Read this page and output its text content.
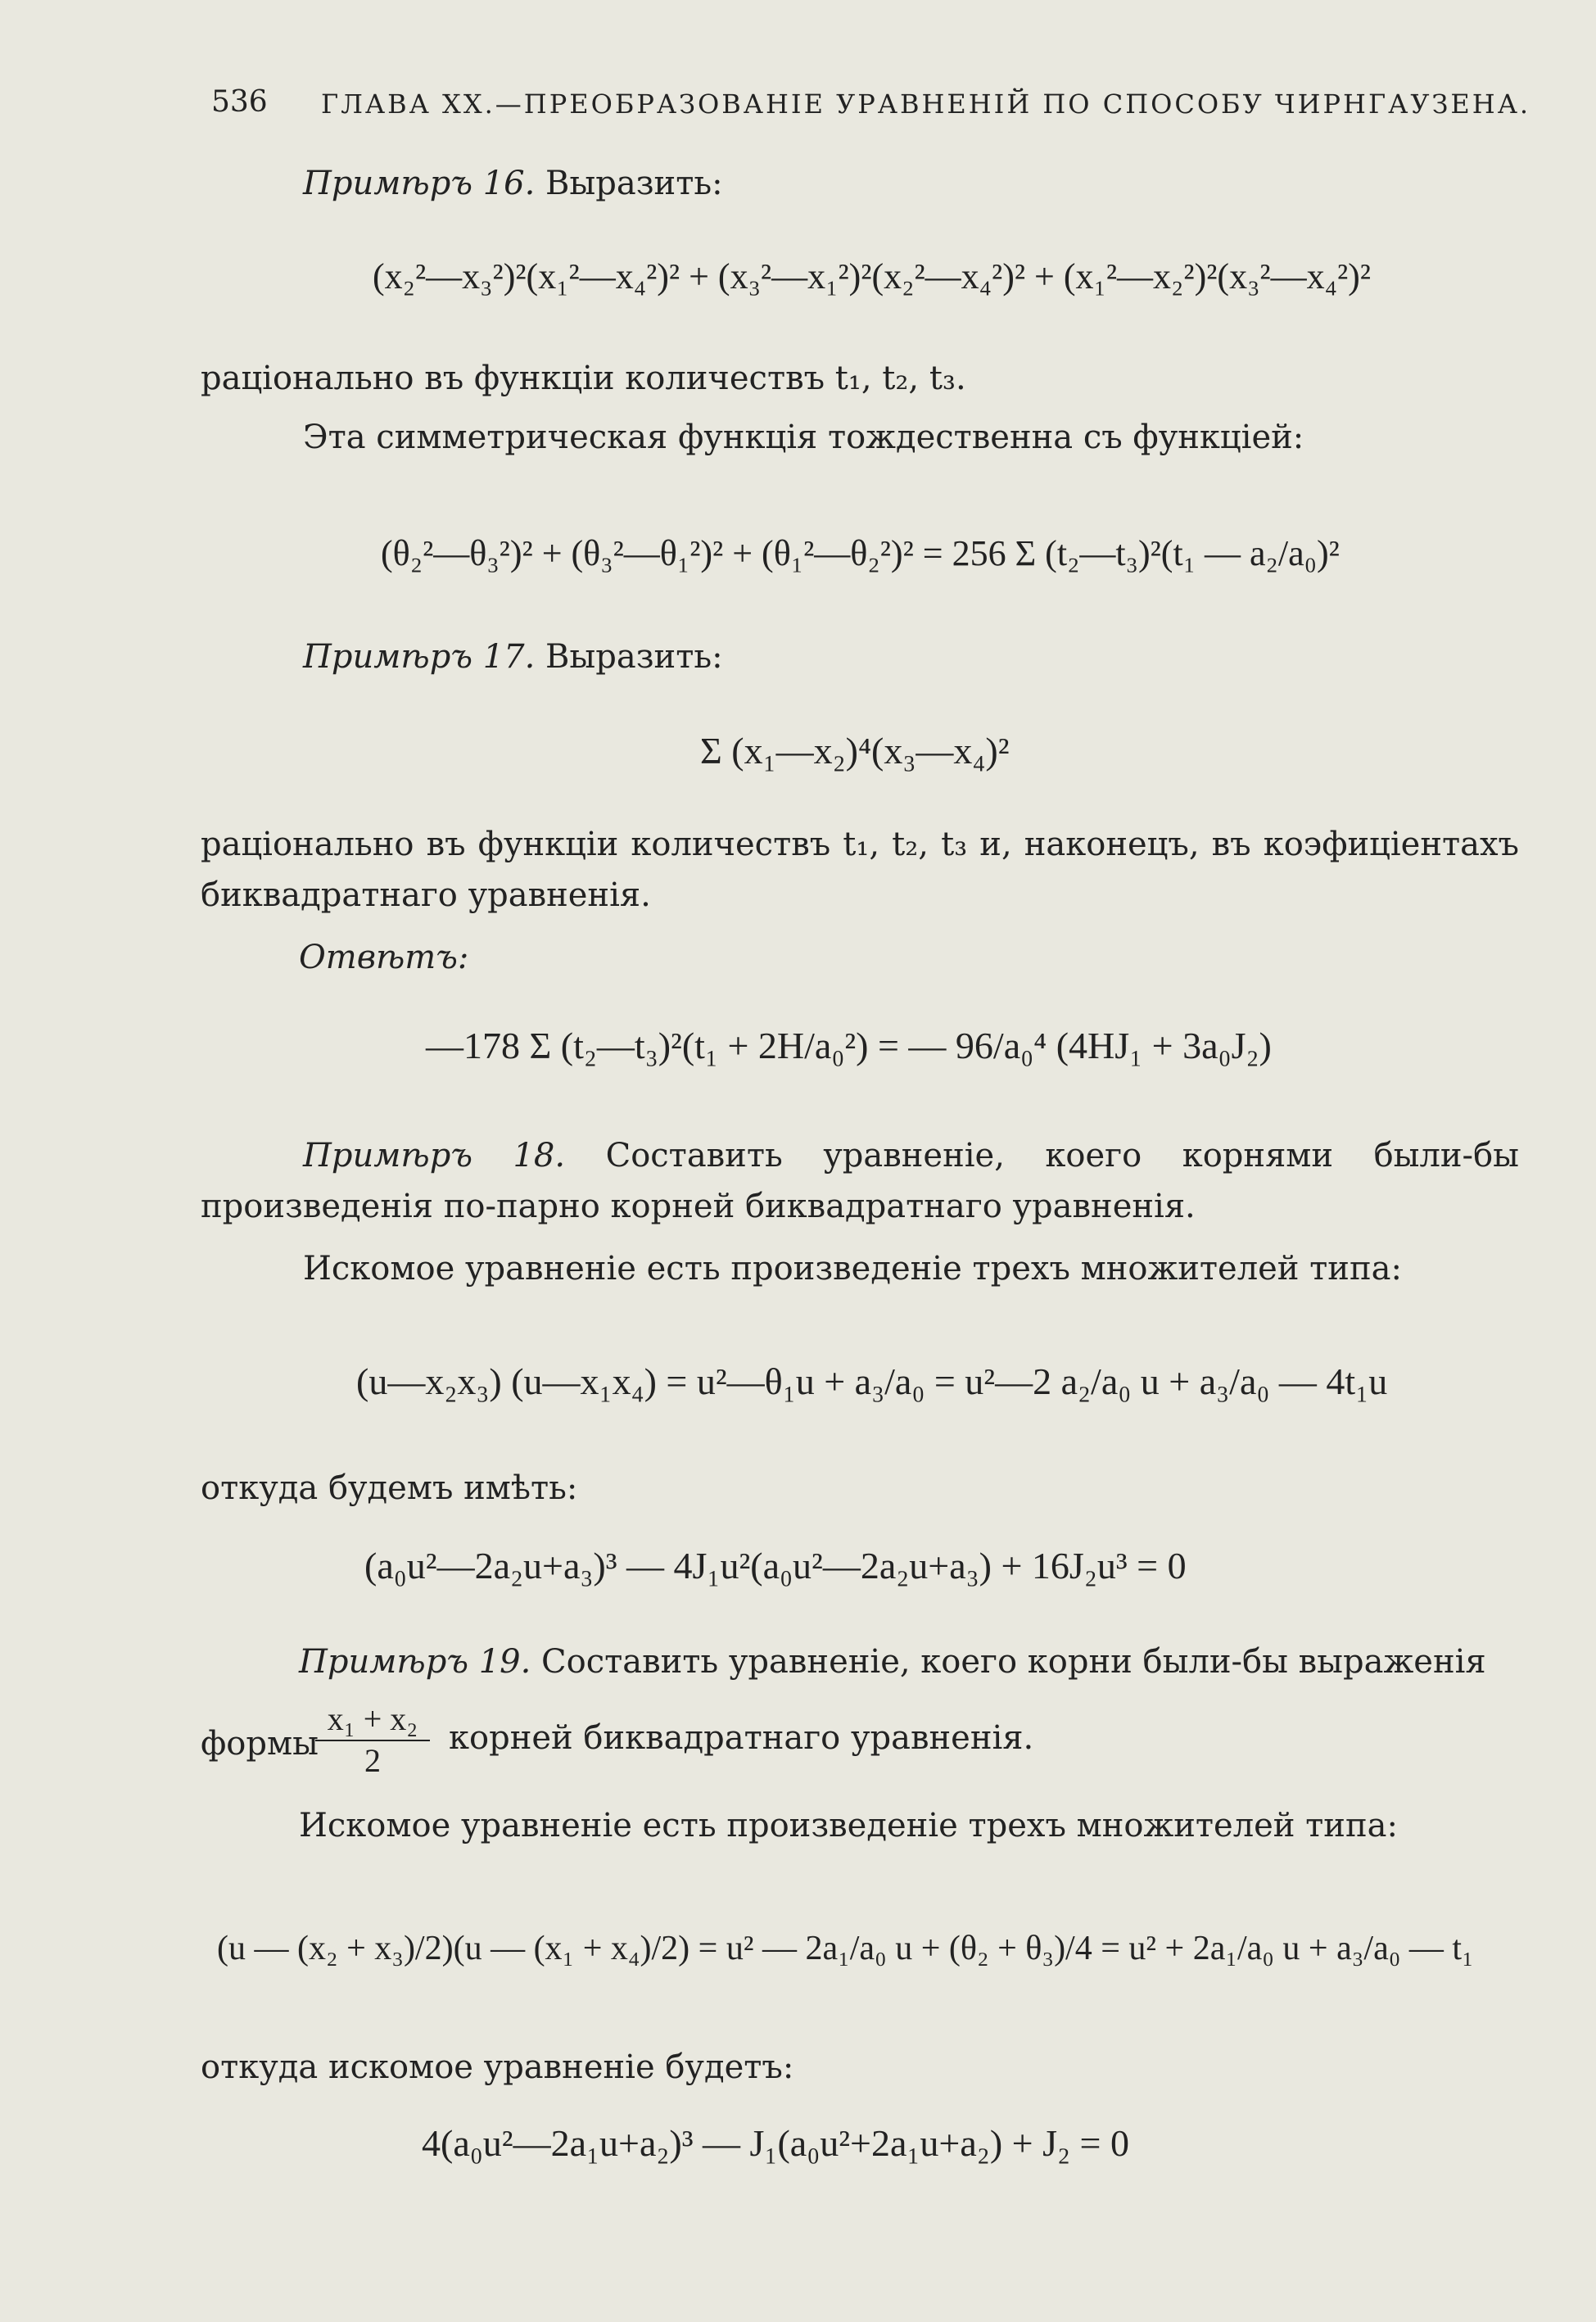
536 ГЛАВА XX.—ПРЕОБРАЗОВАНІЕ УРАВНЕНІЙ ПО СПОСОБУ ЧИРНГАУЗЕНА.
Примѣръ 16. Выразить:
(x₂²—x₃²)²(x₁²—x₄²)² + (x₃²—x₁²)²(x₂²—x₄²)² + (x₁²—x₂²)²(x₃²—x₄²)²
раціонально въ функціи количествъ t₁, t₂, t₃.
Эта симметрическая функція тождественна съ функціей:
(θ₂²—θ₃²)² + (θ₃²—θ₁²)² + (θ₁²—θ₂²)² = 256 Σ (t₂—t₃)²(t₁ — a₂/a₀)²
Примѣръ 17. Выразить:
Σ (x₁—x₂)⁴(x₃—x₄)²
раціонально въ функціи количествъ t₁, t₂, t₃ и, наконецъ, въ коэфиціентахъ биквадратнаго уравненія.
Отвѣтъ:
—178 Σ (t₂—t₃)²(t₁ + 2H/a₀²) = — 96/a₀⁴ (4HJ₁ + 3a₀J₂)
Примѣръ 18. Составить уравненіе, коего корнями были-бы произведенія по-парно корней биквадратнаго уравненія.
Искомое уравненіе есть произведеніе трехъ множителей типа:
(u—x₂x₃) (u—x₁x₄) = u²—θ₁u + a₃/a₀ = u²—2 a₂/a₀ u + a₃/a₀ — 4t₁u
откуда будемъ имѣть:
(a₀u²—2a₂u+a₃)³ — 4J₁u²(a₀u²—2a₂u+a₃) + 16J₂u³ = 0
Примѣръ 19. Составить уравненіе, коего корни были-бы выраженія
формы
$\frac{\text{x₁ + x₂}}{2}$ корней биквадратнаго уравненія.
Искомое уравненіе есть произведеніе трехъ множителей типа:
(u — (x₂ + x₃)/2)(u — (x₁ + x₄)/2) = u² — 2a₁/a₀ u + (θ₂ + θ₃)/4 = u² + 2a₁/a₀ u + a₃/a₀ — t₁
откуда искомое уравненіе будетъ:
4(a₀u²—2a₁u+a₂)³ — J₁(a₀u²+2a₁u+a₂) + J₂ = 0
